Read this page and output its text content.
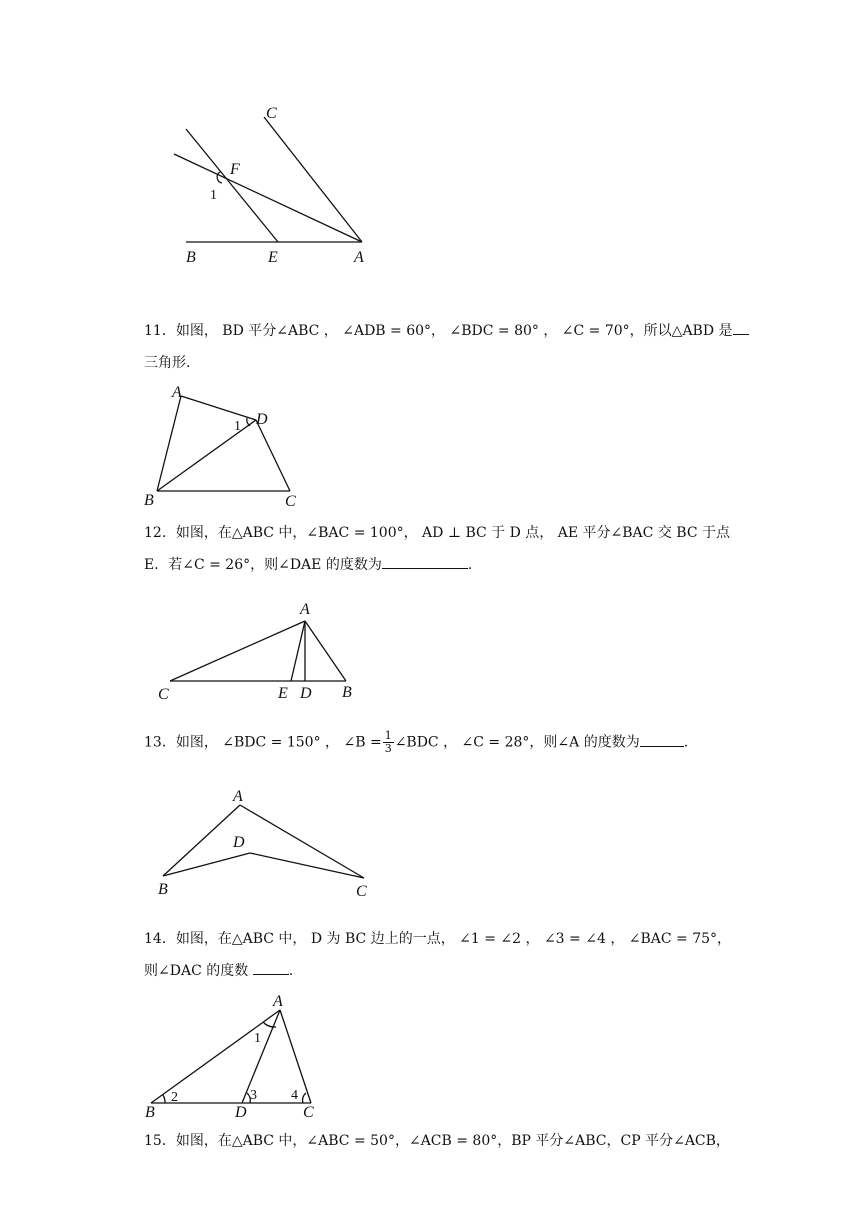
C
F
1
B	E	A
A
D
1
B	C
A
C	E D B
A
D
B	C
A
1
2	3 4
B	D	C
11．如图， BD 平分∠ABC ， ∠ADB = 60°， ∠BDC = 80° ， ∠C = 70°，所以△ABD 是
三角形.
12．如图，在△ABC 中，∠BAC = 100°， AD ⊥ BC 于 D 点， AE 平分∠BAC 交 BC 于点
E．若∠C = 26°，则∠DAE 的度数为	.
13．如图， ∠BDC = 150° ， ∠B = $\frac{1}{3}$ ∠BDC ， ∠C = 28°，则∠A 的度数为	.
14．如图，在△ABC 中， D 为 BC 边上的一点， ∠1 = ∠2 ， ∠3 = ∠4 ， ∠BAC = 75°，
则∠DAC 的度数	.
15．如图，在△ABC 中，∠ABC = 50°，∠ACB = 80°，BP 平分∠ABC，CP 平分∠ACB，
